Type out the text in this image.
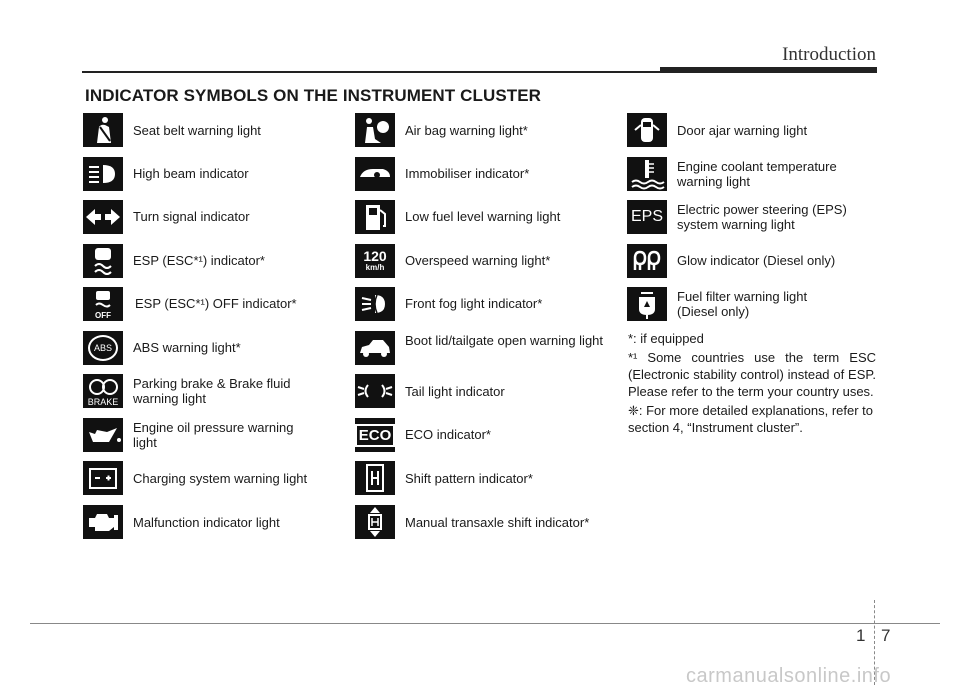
Introduction
INDICATOR SYMBOLS ON THE INSTRUMENT CLUSTER
Seat belt warning light
High beam indicator
Turn signal indicator
ESP (ESC*¹) indicator*
OFF
ESP (ESC*¹) OFF indicator*
ABS	ABS warning light*
BRAKE
Parking brake & Brake fluid warning light
Engine oil pressure warning light
Charging system warning light
Malfunction indicator light
Air bag warning light*
Immobiliser indicator*
Low fuel level warning light
120
km/h Overspeed warning light*
Front fog light indicator*
Boot lid/tailgate open warning light
Tail light indicator
ECO	ECO indicator*
Shift pattern indicator*
Manual transaxle shift indicator*
Door ajar warning light
Engine coolant temperature warning light
EPS Electric power steering (EPS) system warning light
Glow indicator (Diesel only)
Fuel filter warning light (Diesel only)

*: if equipped

*¹ Some countries use the term ESC (Electronic stability control) instead of ESP. Please refer to the term your country uses.

❈: For more detailed explanations, refer to section 4, “Instrument cluster”.

1 7
carmanualsonline.info
